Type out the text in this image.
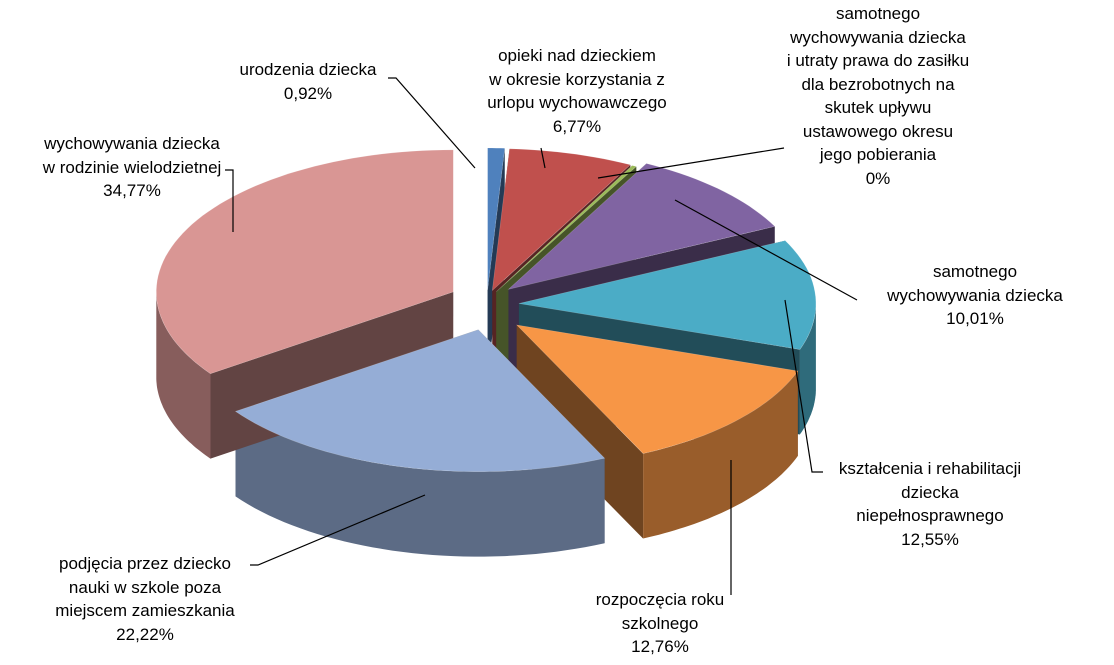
urodzenia dziecka
0,92%
opieki nad dzieckiem
w okresie korzystania z
urlopu wychowawczego
6,77%
samotnego
wychowywania dziecka
i utraty prawa do zasiłku
dla bezrobotnych na
skutek upływu
ustawowego okresu
jego pobierania
0%
samotnego
wychowywania dziecka
10,01%
kształcenia i rehabilitacji
dziecka
niepełnosprawnego
12,55%
rozpoczęcia roku
szkolnego
12,76%
podjęcia przez dziecko
nauki w szkole poza
miejscem zamieszkania
22,22%
wychowywania dziecka
w rodzinie wielodzietnej
34,77%
